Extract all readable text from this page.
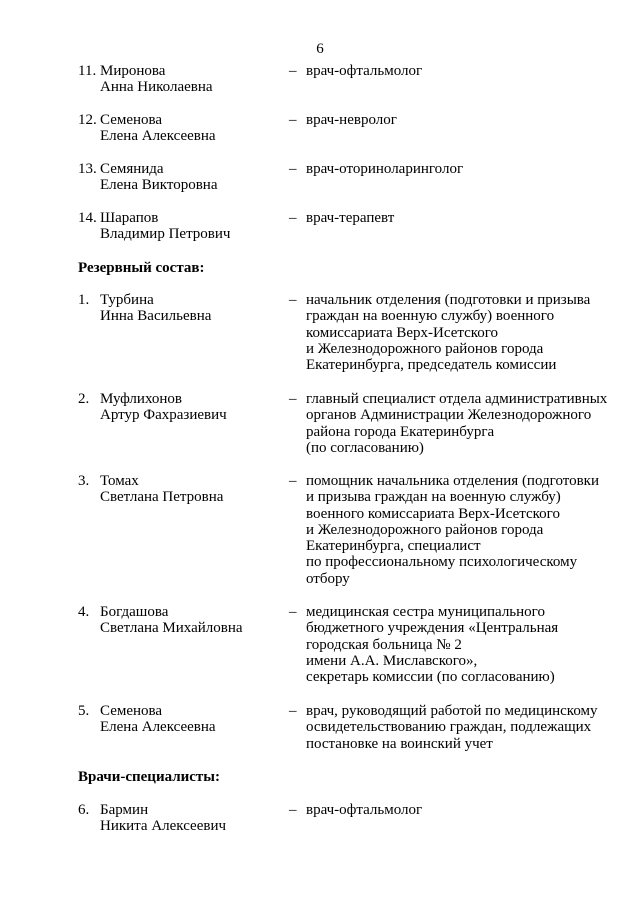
6
11. Миронова
Анна Николаевна
– врач-офтальмолог
12. Семенова
Елена Алексеевна
– врач-невролог
13. Семянида
Елена Викторовна
– врач-оториноларинголог
14. Шарапов
Владимир Петрович
– врач-терапевт
Резервный состав:
1. Турбина
Инна Васильевна
– начальник отделения (подготовки и призыва
граждан на военную службу) военного
комиссариата Верх-Исетского
и Железнодорожного районов города
Екатеринбурга, председатель комиссии
2. Муфлихонов
Артур Фахразиевич
– главный специалист отдела административных
органов Администрации Железнодорожного
района города Екатеринбурга
(по согласованию)
3. Томах
Светлана Петровна
– помощник начальника отделения (подготовки
и призыва граждан на военную службу)
военного комиссариата Верх-Исетского
и Железнодорожного районов города
Екатеринбурга, специалист
по профессиональному психологическому
отбору
4. Богдашова
Светлана Михайловна
– медицинская сестра муниципального
бюджетного учреждения «Центральная
городская больница № 2
имени А.А. Миславского»,
секретарь комиссии (по согласованию)
5. Семенова
Елена Алексеевна
– врач, руководящий работой по медицинскому
освидетельствованию граждан, подлежащих
постановке на воинский учет
Врачи-специалисты:
6. Бармин
Никита Алексеевич
– врач-офтальмолог
